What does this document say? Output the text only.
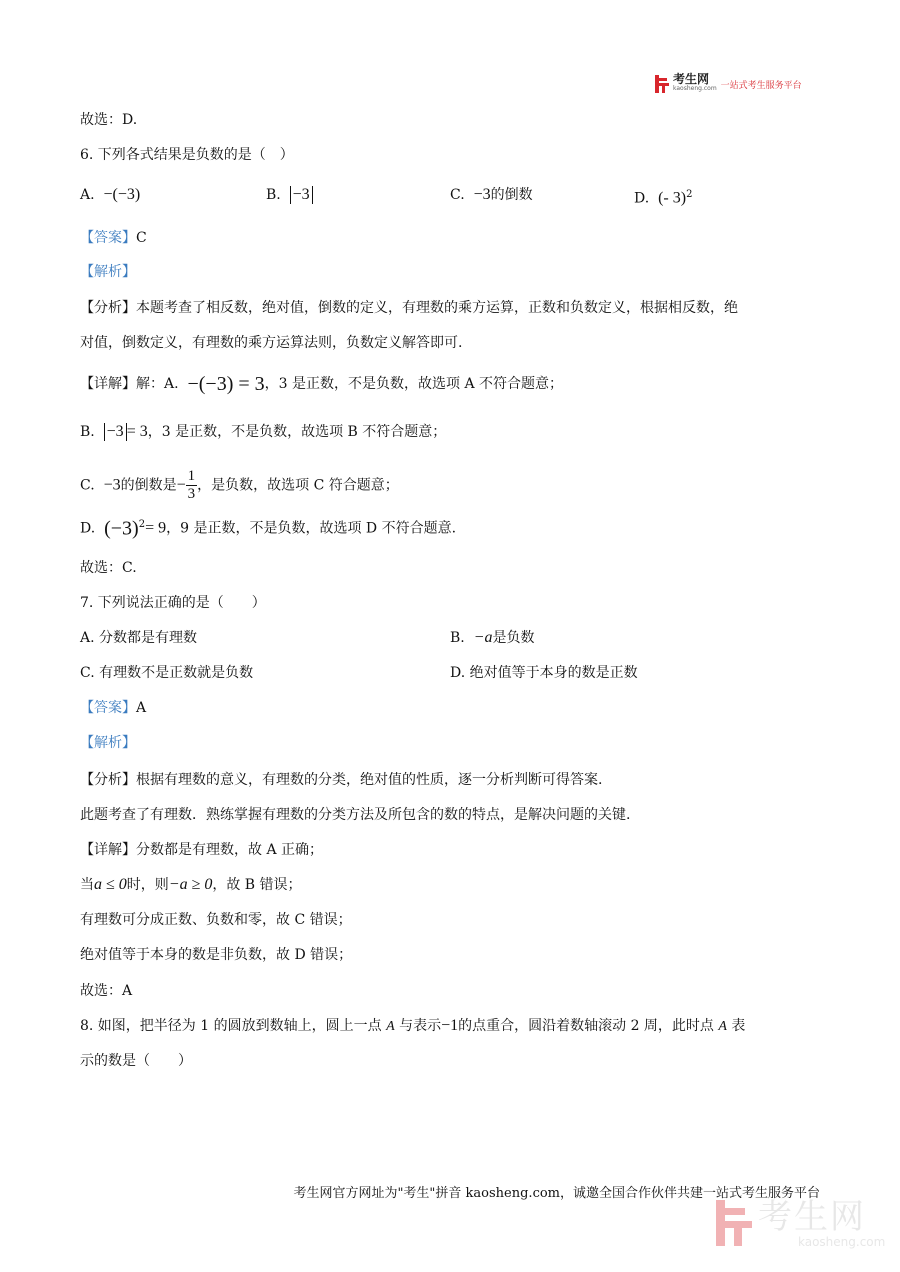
考生网
kaosheng.com 一站式考生服务平台
故选：D.
6. 下列各式结果是负数的是（　）
A. −(−3)	B. −3	C. −3的倒数	D. (- 3)$^2$
【答案】C
【解析】
【分析】本题考查了相反数，绝对值，倒数的定义，有理数的乘方运算，正数和负数定义，根据相反数，绝
对值，倒数定义，有理数的乘方运算法则，负数定义解答即可.
【详解】解：A. −(−3) = 3，3 是正数，不是负数，故选项 A 不符合题意；
B. −3 = 3，3 是正数，不是负数，故选项 B 不符合题意；
C. −3的倒数是− $\frac{1}{3}$ ，是负数，故选项 C 符合题意；
D. $(-3)^2= 9$，9 是正数，不是负数，故选项 D 不符合题意.
故选：C.
7. 下列说法正确的是（　　）
A. 分数都是有理数	B. −a是负数
C. 有理数不是正数就是负数	D. 绝对值等于本身的数是正数
【答案】A
【解析】
【分析】根据有理数的意义，有理数的分类，绝对值的性质，逐一分析判断可得答案.
此题考查了有理数．熟练掌握有理数的分类方法及所包含的数的特点，是解决问题的关键.
【详解】分数都是有理数，故 A 正确；
当a ≤ 0时，则−a ≥ 0，故 B 错误；
有理数可分成正数、负数和零，故 C 错误；
绝对值等于本身的数是非负数，故 D 错误；
故选：A
8. 如图，把半径为 1 的圆放到数轴上，圆上一点 A 与表示−1的点重合，圆沿着数轴滚动 2 周，此时点 A 表
示的数是（　　）
考生网官方网址为"考生"拼音 kaosheng.com，诚邀全国合作伙伴共建一站式考生服务平台
考生网
kaosheng.com
